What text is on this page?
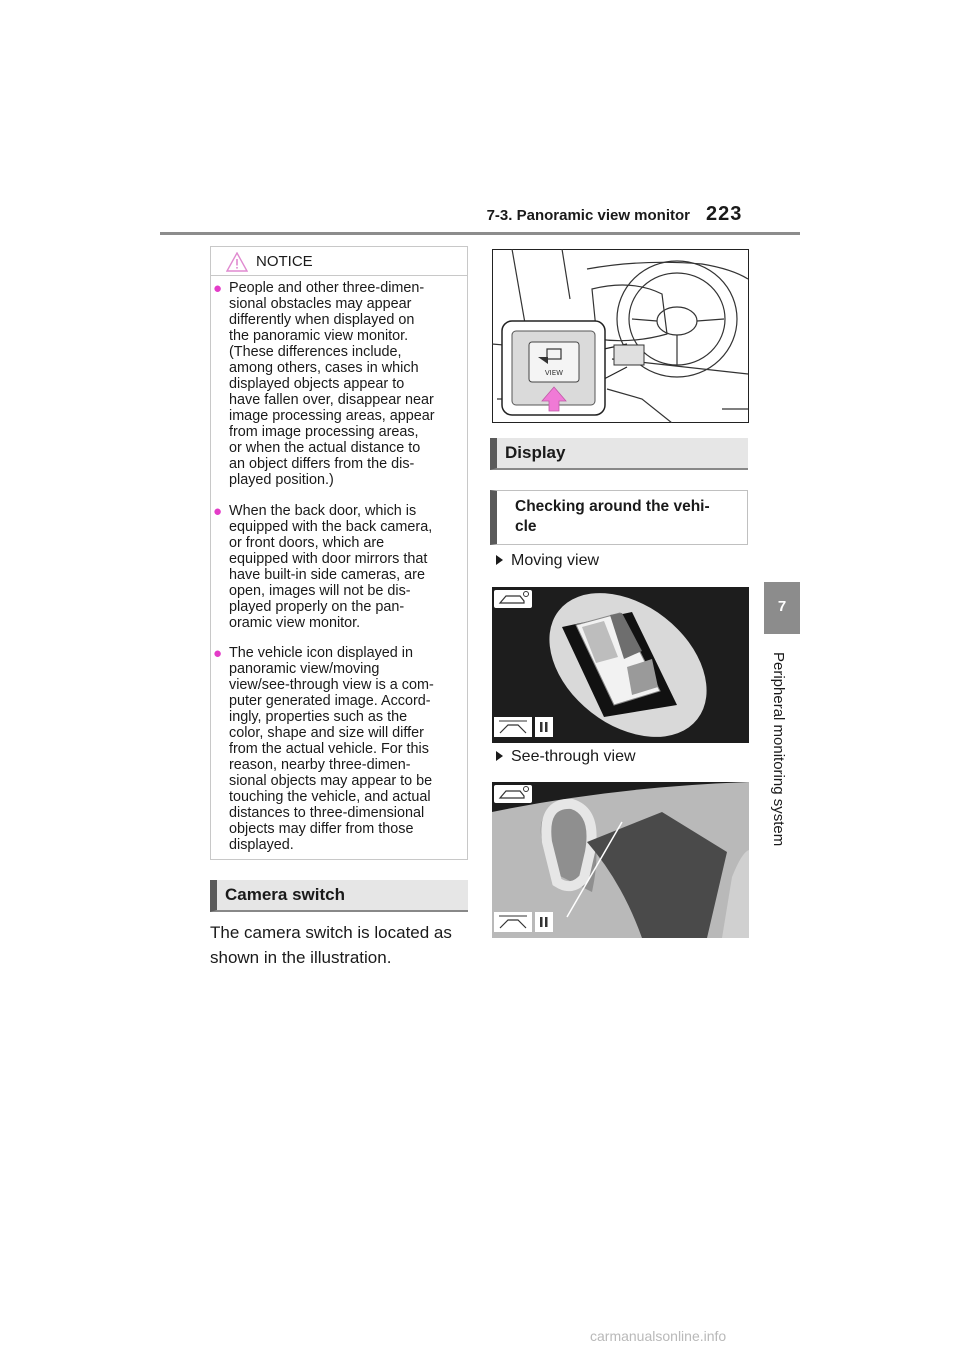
7-3. Panoramic view monitor 223
7
Peripheral monitoring system
NOTICE
● People and other three-dimen-
sional obstacles may appear
differently when displayed on
the panoramic view monitor.
(These differences include,
among others, cases in which
displayed objects appear to
have fallen over, disappear near
image processing areas, appear
from image processing areas,
or when the actual distance to
an object differs from the dis-
played position.)
● When the back door, which is
equipped with the back camera,
or front doors, which are
equipped with door mirrors that
have built-in side cameras, are
open, images will not be dis-
played properly on the pan-
oramic view monitor.
● The vehicle icon displayed in
panoramic view/moving
view/see-through view is a com-
puter generated image. Accord-
ingly, properties such as the
color, shape and size will differ
from the actual vehicle. For this
reason, nearby three-dimen-
sional objects may appear to be
touching the vehicle, and actual
distances to three-dimensional
objects may differ from those
displayed.
Camera switch
The camera switch is located as
shown in the illustration.
VIEW
Display
Checking around the vehi-
cle
Moving view
See-through view
carmanualsonline.info
